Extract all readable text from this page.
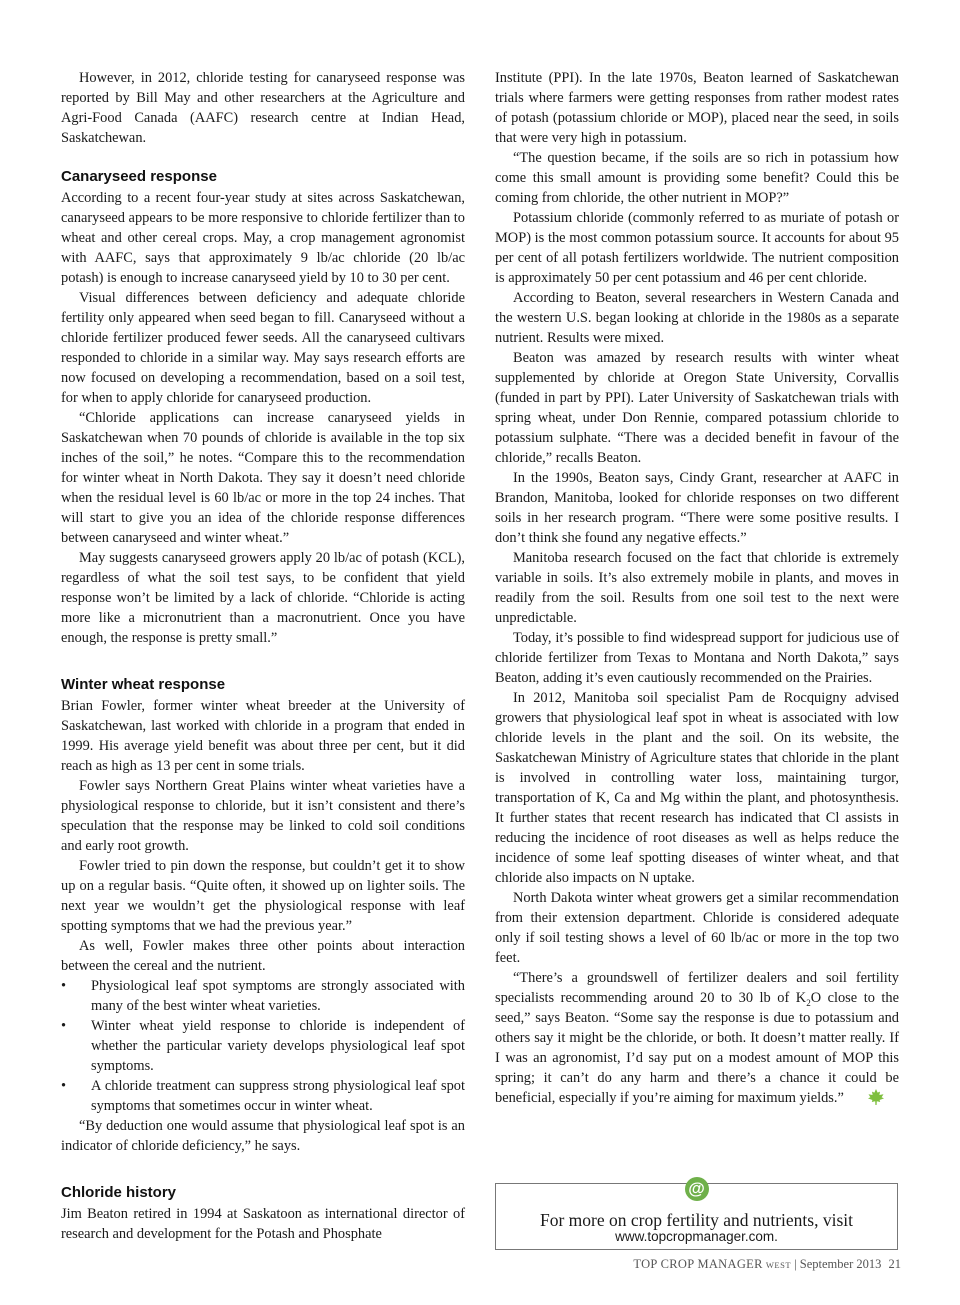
However, in 2012, chloride testing for canaryseed response was reported by Bill May and other researchers at the Agriculture and Agri-Food Canada (AAFC) research centre at Indian Head, Saskatchewan.

Canaryseed response

According to a recent four-year study at sites across Saskatchewan, canaryseed appears to be more responsive to chloride fertilizer than to wheat and other cereal crops. May, a crop management agronomist with AAFC, says that approximately 9 lb/ac chloride (20 lb/ac potash) is enough to increase canaryseed yield by 10 to 30 per cent.

Visual differences between deficiency and adequate chloride fertility only appeared when seed began to fill. Canaryseed without a chloride fertilizer produced fewer seeds. All the canaryseed cultivars responded to chloride in a similar way. May says research efforts are now focused on developing a recommendation, based on a soil test, for when to apply chloride for canaryseed production.

“Chloride applications can increase canaryseed yields in Saskatchewan when 70 pounds of chloride is available in the top six inches of the soil,” he notes. “Compare this to the recommendation for winter wheat in North Dakota. They say it doesn’t need chloride when the residual level is 60 lb/ac or more in the top 24 inches. That will start to give you an idea of the chloride response differences between canaryseed and winter wheat.”

May suggests canaryseed growers apply 20 lb/ac of potash (KCL), regardless of what the soil test says, to be confident that yield response won’t be limited by a lack of chloride. “Chloride is acting more like a micronutrient than a macronutrient. Once you have enough, the response is pretty small.”

Winter wheat response

Brian Fowler, former winter wheat breeder at the University of Saskatchewan, last worked with chloride in a program that ended in 1999. His average yield benefit was about three per cent, but it did reach as high as 13 per cent in some trials.

Fowler says Northern Great Plains winter wheat varieties have a physiological response to chloride, but it isn’t consistent and there’s speculation that the response may be linked to cold soil conditions and early root growth.

Fowler tried to pin down the response, but couldn’t get it to show up on a regular basis. “Quite often, it showed up on lighter soils. The next year we wouldn’t get the physiological response with leaf spotting symptoms that we had the previous year.”

As well, Fowler makes three other points about interaction between the cereal and the nutrient.

• Physiological leaf spot symptoms are strongly associated with many of the best winter wheat varieties.
• Winter wheat yield response to chloride is independent of whether the particular variety develops physiological leaf spot symptoms.
• A chloride treatment can suppress strong physiological leaf spot symptoms that sometimes occur in winter wheat.

“By deduction one would assume that physiological leaf spot is an indicator of chloride deficiency,” he says.

Chloride history

Jim Beaton retired in 1994 at Saskatoon as international director of research and development for the Potash and Phosphate

Institute (PPI). In the late 1970s, Beaton learned of Saskatchewan trials where farmers were getting responses from rather modest rates of potash (potassium chloride or MOP), placed near the seed, in soils that were very high in potassium.

“The question became, if the soils are so rich in potassium how come this small amount is providing some benefit? Could this be coming from chloride, the other nutrient in MOP?”

Potassium chloride (commonly referred to as muriate of potash or MOP) is the most common potassium source. It accounts for about 95 per cent of all potash fertilizers worldwide. The nutrient composition is approximately 50 per cent potassium and 46 per cent chloride.

According to Beaton, several researchers in Western Canada and the western U.S. began looking at chloride in the 1980s as a separate nutrient. Results were mixed.

Beaton was amazed by research results with winter wheat supplemented by chloride at Oregon State University, Corvallis (funded in part by PPI). Later University of Saskatchewan trials with spring wheat, under Don Rennie, compared potassium chloride to potassium sulphate. “There was a decided benefit in favour of the chloride,” recalls Beaton.

In the 1990s, Beaton says, Cindy Grant, researcher at AAFC in Brandon, Manitoba, looked for chloride responses on two different soils in her research program. “There were some positive results. I don’t think she found any negative effects.”

Manitoba research focused on the fact that chloride is extremely variable in soils. It’s also extremely mobile in plants, and moves in readily from the soil. Results from one soil test to the next were unpredictable.

Today, it’s possible to find widespread support for judicious use of chloride fertilizer from Texas to Montana and North Dakota,” says Beaton, adding it’s even cautiously recommended on the Prairies.

In 2012, Manitoba soil specialist Pam de Rocquigny advised growers that physiological leaf spot in wheat is associated with low chloride levels in the plant and the soil. On its website, the Saskatchewan Ministry of Agriculture states that chloride in the plant is involved in controlling water loss, maintaining turgor, transportation of K, Ca and Mg within the plant, and photosynthesis. It further states that recent research has indicated that Cl assists in reducing the incidence of root diseases as well as helps reduce the incidence of some leaf spotting diseases of winter wheat, and that chloride also impacts on N uptake.

North Dakota winter wheat growers get a similar recommendation from their extension department. Chloride is considered adequate only if soil testing shows a level of 60 lb/ac or more in the top two feet.

“There’s a groundswell of fertilizer dealers and soil fertility specialists recommending around 20 to 30 lb of $K_2O$ close to the seed,” says Beaton. “Some say the response is due to potassium and others say it might be the chloride, or both. It doesn’t matter really. If I was an agronomist, I’d say put on a modest amount of MOP this spring; it can’t do any harm and there’s a chance it could be beneficial, especially if you’re aiming for maximum yields.”

@
For more on crop fertility and nutrients, visit
www.topcropmanager.com.
TOP CROP MANAGER WEST | September 2013 21
